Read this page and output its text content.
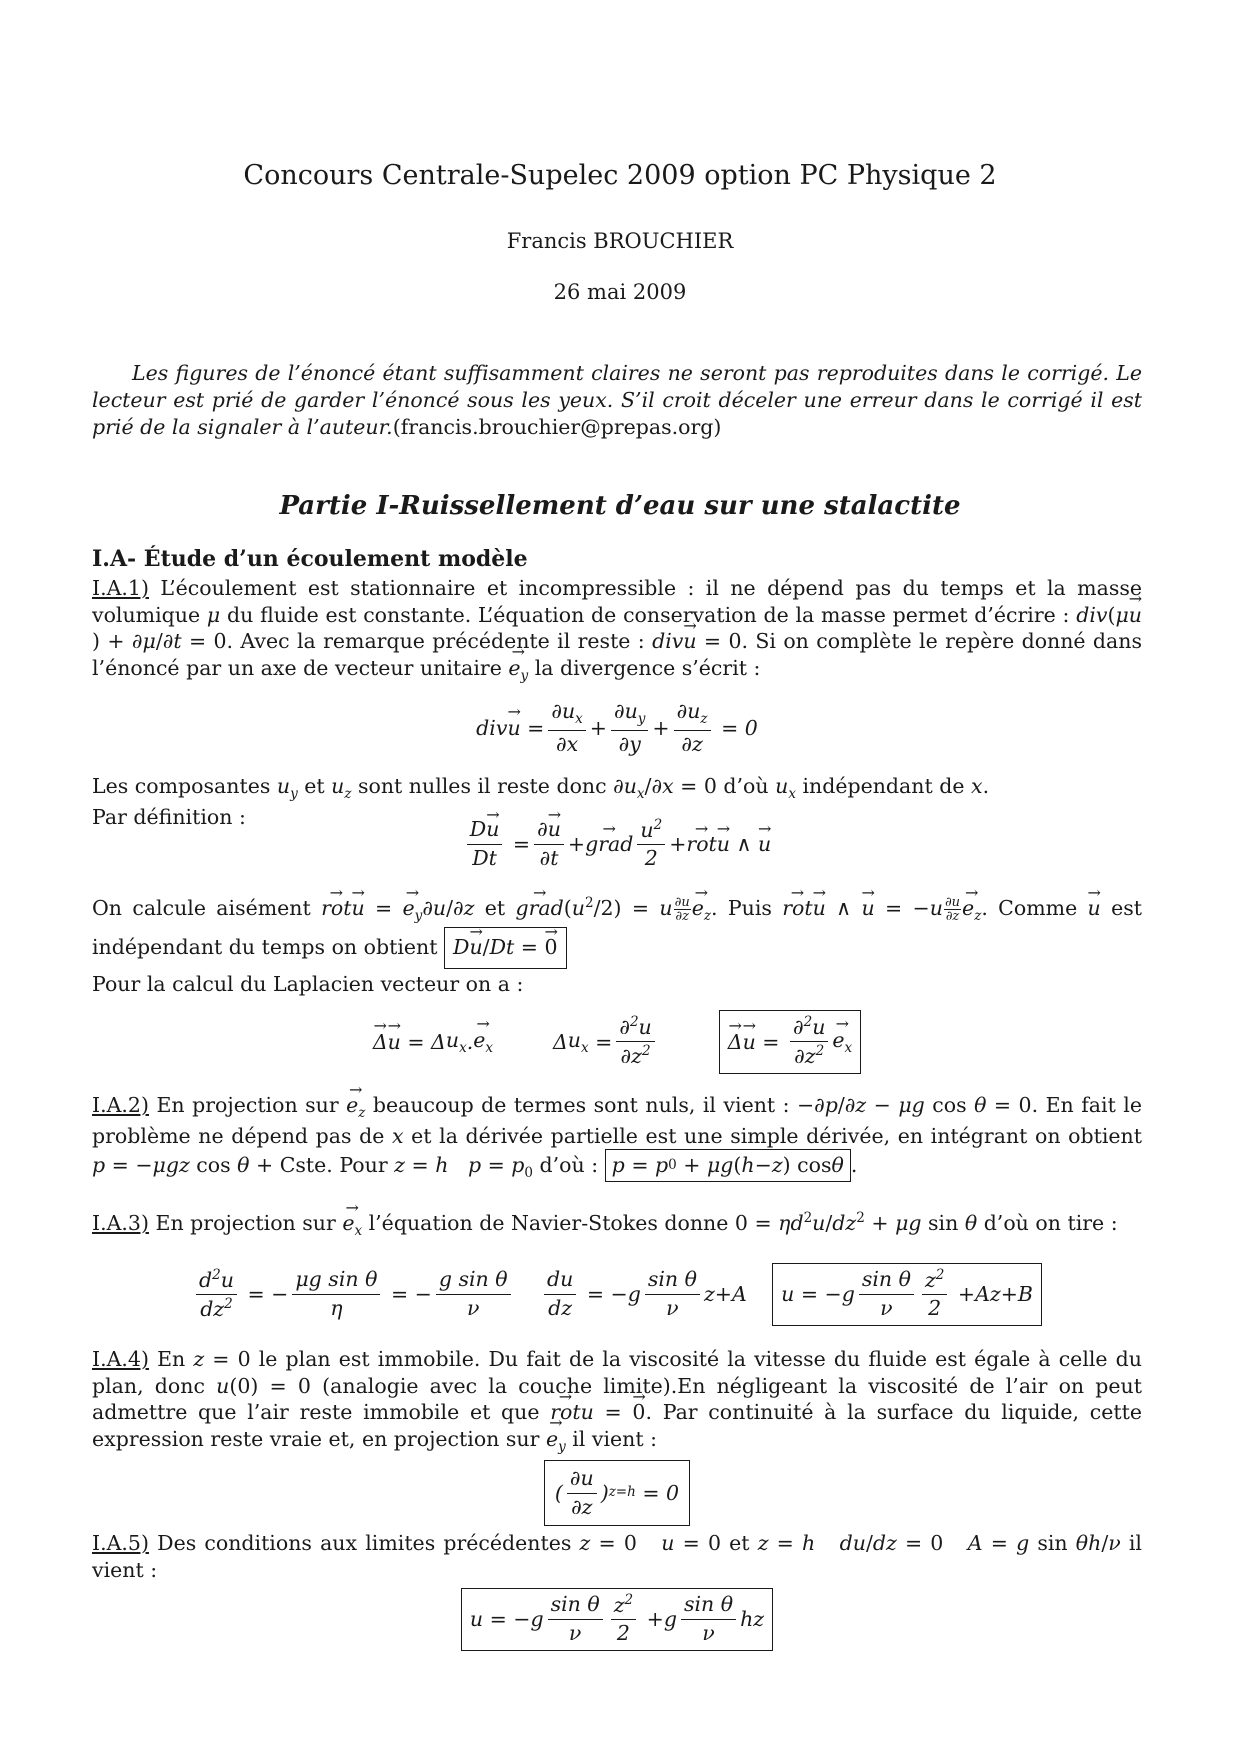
Concours Centrale-Supelec 2009 option PC Physique 2
Francis BROUCHIER
26 mai 2009
Les figures de l’énoncé étant suffisamment claires ne seront pas reproduites dans le corrigé. Le lecteur est prié de garder l’énoncé sous les yeux. S’il croit déceler une erreur dans le corrigé il est prié de la signaler à l’auteur.(francis.brouchier@prepas.org)
Partie I-Ruissellement d’eau sur une stalactite
I.A- Étude d’un écoulement modèle
I.A.1) L’écoulement est stationnaire et incompressible : il ne dépend pas du temps et la masse volumique μ du fluide est constante. L’équation de conservation de la masse permet d’écrire : div(μ→ u) + ∂μ/∂t = 0. Avec la remarque précédente il reste : div→ u = 0. Si on complète le repère donné dans l’énoncé par un axe de vecteur unitaire → $e_y$ la divergence s’écrit :
$div\to u = \frac{\partial u_x}{\partial x} + \frac{\partial u_y}{\partial y} + \frac{\partial u_z}{\partial z} = 0$
Les composantes $u_y$ et $u_z$ sont nulles il reste donc $\partial u_x/\partial x = 0$ d’où $u_x$ indépendant de x.
Par définition :
$\frac{D\to u}{Dt} = \frac{\partial\to u}{\partial t}$ +
→ grad $\frac{u^2}{2}$ +
→ rot→ u ∧
→ u
On calcule aisément → rot→ u = → $e_y\partial u/\partial z$ et → $grad(u^2/2) = u \frac{\partial u}{\partial z}$
→ $e_z$. Puis → rot→ u ∧ → $u = -u \frac{\partial u}{\partial z}$
→ $e_z$. Comme → u est indépendant du temps on obtient D→ u / Dt =
→ 0

Pour la calcul du Laplacien vecteur on a :
→ Δ→ u = Δ $u_x$ .
→ $e_x$	Δ $u_x = \frac{\partial^2u}{\partial z^2}$
→	$\Delta\to u = \frac{\partial^2u}{\partial z^2}$
→ $e_x$
I.A.2) En projection sur → $e_z$ beaucoup de termes sont nuls, il vient : −∂p/∂z − μg cos θ = 0. En fait le problème ne dépend pas de x et la dérivée partielle est une simple dérivée, en intégrant on obtient p = −μgz cos θ + Cste. Pour z = h $p = p_0$ d’où : p = p 0 + μg ( h − z ) cos θ .
I.A.3) En projection sur → $e_x$ l’équation de Navier-Stokes donne $0 = \eta d^2u/dz^2 + \mu g$ sin θ d’où on tire :
$\frac{d^2u}{dz^2}$ = − $\frac{\text{μg sin θ}}{\eta}$ = − $\frac{\text{g sin θ}}{\nu} \frac{du}{dz}$ = − g $\frac{\text{sin θ}}{\nu}$ z + A u = − g $\frac{\text{sin θ}}{\nu} \frac{z^2}{2} + Az + B$
I.A.4) En z = 0 le plan est immobile. Du fait de la viscosité la vitesse du fluide est égale à celle du plan, donc u(0) = 0 (analogie avec la couche limite).En négligeant la viscosité de l’air on peut admettre que l’air reste immobile et que → rotu = → 0. Par continuité à la surface du liquide, cette expression reste vraie et, en projection sur → $e_y$ il vient :
( $\frac{\partial u}{\partial z}$ ) z=h = 0
I.A.5) Des conditions aux limites précédentes z = 0   u = 0 et z = h du/dz = 0   A = g sin θh/ν il vient :
u = − g $\frac{\text{sin θ}}{\nu} \frac{z^2}{2} + g \frac{\text{sin θ}}{\nu}$ hz
